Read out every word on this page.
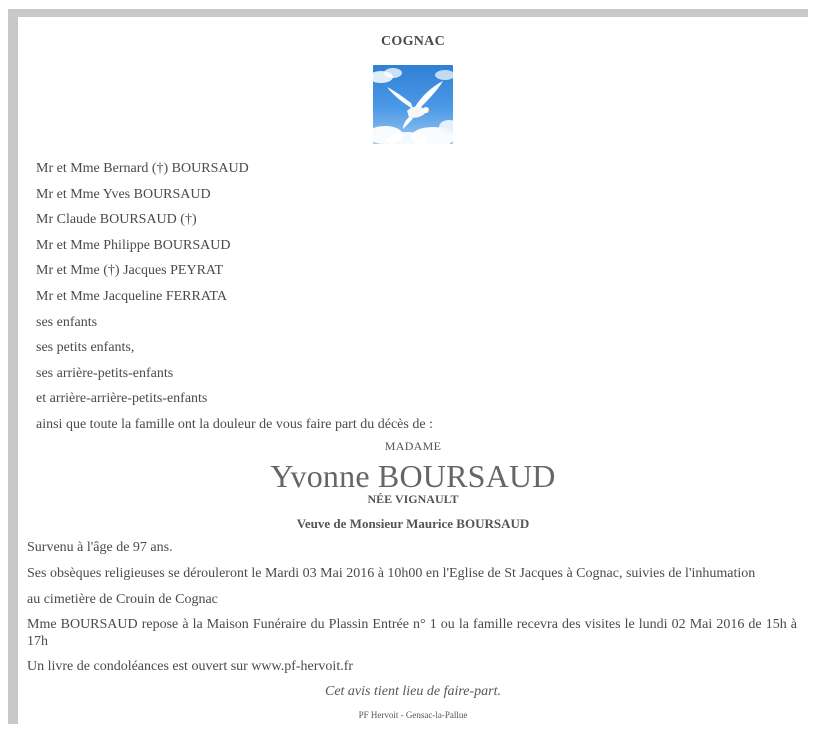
COGNAC
Mr et Mme Bernard (†) BOURSAUD
Mr et Mme Yves BOURSAUD
Mr Claude BOURSAUD (†)
Mr et Mme Philippe BOURSAUD
Mr et Mme (†) Jacques PEYRAT
Mr et Mme Jacqueline FERRATA
ses enfants
ses petits enfants,
ses arrière-petits-enfants
et arrière-arrière-petits-enfants
ainsi que toute la famille ont la douleur de vous faire part du décès de :
MADAME
Yvonne BOURSAUD
NÉE VIGNAULT
Veuve de Monsieur Maurice BOURSAUD
Survenu à l'âge de 97 ans.
Ses obsèques religieuses se dérouleront le Mardi 03 Mai 2016 à 10h00 en l'Eglise de St Jacques à Cognac, suivies de l'inhumation
au cimetière de Crouin de Cognac
Mme BOURSAUD repose à la Maison Funéraire du Plassin Entrée n° 1 ou la famille recevra des visites le lundi 02 Mai 2016 de 15h à 17h
Un livre de condoléances est ouvert sur www.pf-hervoit.fr
Cet avis tient lieu de faire-part.
PF Hervoit - Gensac-la-Pallue
